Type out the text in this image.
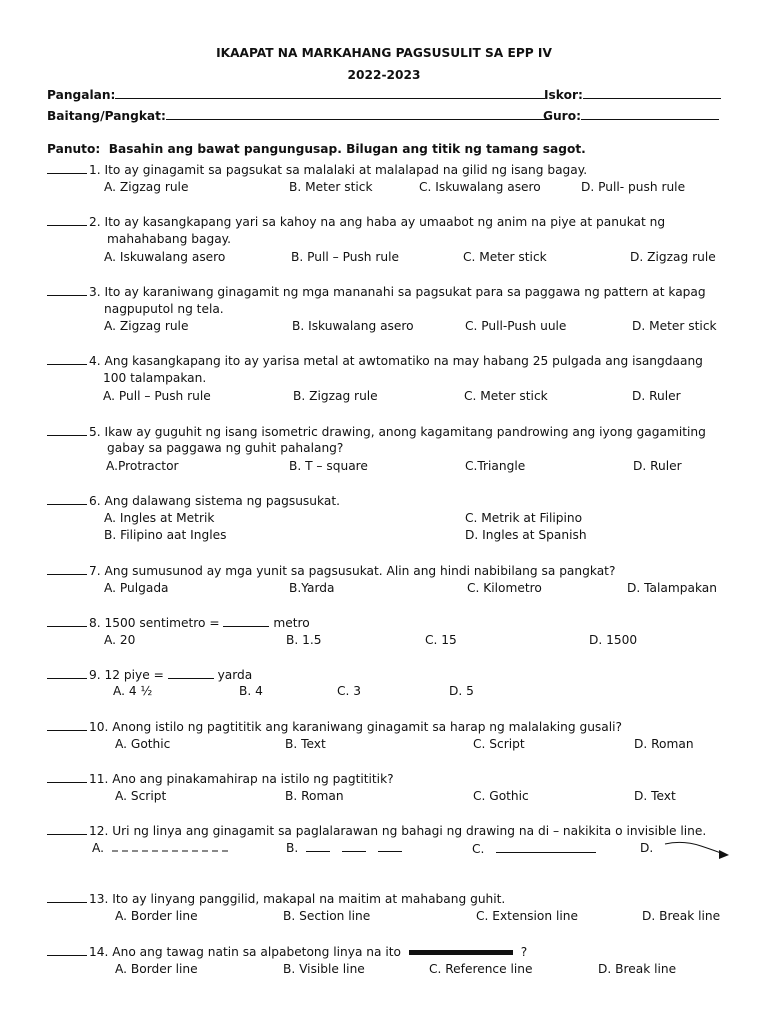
IKAAPAT NA MARKAHANG PAGSUSULIT SA EPP IV
2022-2023
Pangalan:	Iskor:
Baitang/Pangkat:	Guro:
Panuto: Basahin ang bawat pangungusap. Bilugan ang titik ng tamang sagot.
1. Ito ay ginagamit sa pagsukat sa malalaki at malalapad na gilid ng isang bagay.
A. Zigzag rule	B. Meter stick	C. Iskuwalang asero	D. Pull- push rule
2. Ito ay kasangkapang yari sa kahoy na ang haba ay umaabot ng anim na piye at panukat ng
mahahabang bagay.
A. Iskuwalang asero	B. Pull – Push rule	C. Meter stick	D. Zigzag rule
3. Ito ay karaniwang ginagamit ng mga mananahi sa pagsukat para sa paggawa ng pattern at kapag
nagpuputol ng tela.
A. Zigzag rule	B. Iskuwalang asero	C. Pull-Push uule	D. Meter stick
4. Ang kasangkapang ito ay yarisa metal at awtomatiko na may habang 25 pulgada ang isangdaang
100 talampakan.
A. Pull – Push rule	B. Zigzag rule	C. Meter stick	D. Ruler
5. Ikaw ay guguhit ng isang isometric drawing, anong kagamitang pandrowing ang iyong gagamiting
gabay sa paggawa ng guhit pahalang?
A.Protractor	B. T – square	C.Triangle	D. Ruler
6. Ang dalawang sistema ng pagsusukat.
A. Ingles at Metrik	C. Metrik at Filipino
B. Filipino aat Ingles	D. Ingles at Spanish
7. Ang sumusunod ay mga yunit sa pagsusukat. Alin ang hindi nabibilang sa pangkat?
A. Pulgada	B.Yarda	C. Kilometro	D. Talampakan
8. 1500 sentimetro =	metro
A. 20	B. 1.5	C. 15	D. 1500
9. 12 piye =	yarda
A. 4 ½	B. 4	C. 3	D. 5
10. Anong istilo ng pagtititik ang karaniwang ginagamit sa harap ng malalaking gusali?
A. Gothic	B. Text	C. Script	D. Roman
11. Ano ang pinakamahirap na istilo ng pagtititik?
A. Script	B. Roman	C. Gothic	D. Text
12. Uri ng linya ang ginagamit sa paglalarawan ng bahagi ng drawing na di – nakikita o invisible line.
A.	B.	C.	D.
13. Ito ay linyang panggilid, makapal na maitim at mahabang guhit.
A. Border line	B. Section line	C. Extension line	D. Break line
14. Ano ang tawag natin sa alpabetong linya na ito	?
A. Border line	B. Visible line	C. Reference line	D. Break line
